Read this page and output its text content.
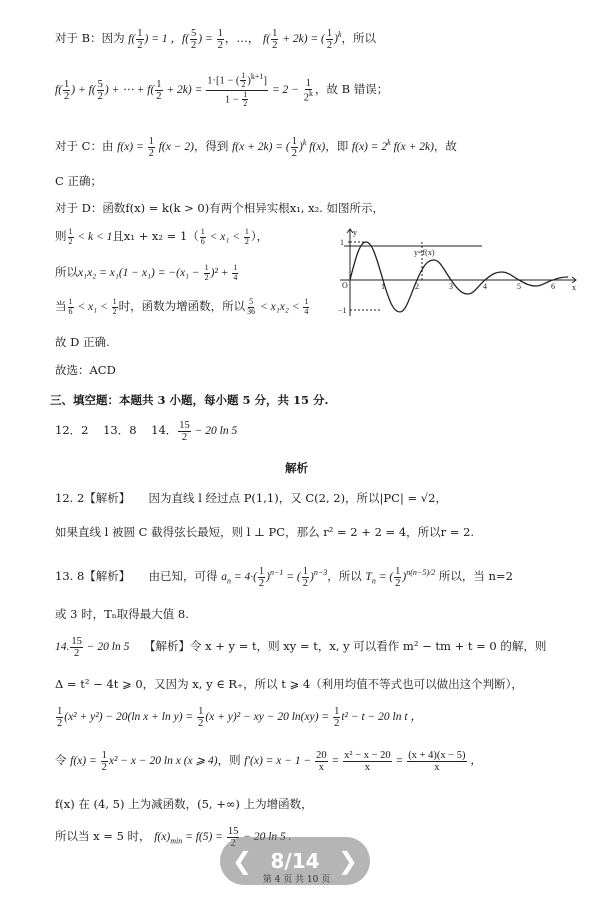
对于 B：因为 $f( \frac{1}{2}$ ) = 1 ，$f( \frac{5}{2}$ ) = $\frac{1}{2}$ ，…， $f( \frac{1}{2} + 2k)$ = ( $\frac{1}{2} )^k$，所以
$f( \frac{1}{2}$ ) + $f( \frac{5}{2}$ ) + ⋯ + $f( \frac{1}{2} + 2k) = \frac{1\cdot[1 - ( \frac{1}{2} )^{k+1}]}{1 - \frac{1}{2}} = 2 - \frac{1}{2^k}$ ，故 B 错误；
对于 C：由 $f(x) = \frac{1}{2} f(x - 2)$，得到 f(x + 2k) = ( $\frac{1}{2} )^k$ f(x)，即 $f(x) = 2^k$ f(x + 2k)，故
C 正确；
对于 D：函数f(x) = k(k > 0)有两个相异实根x₁, x₂. 如图所示，
则 $\frac{1}{2} < k < 1$且$x_1 + x_2 = 1( \frac{1}{6} < x_1 < \frac{1}{2}$ ），
所以$x_1x_2 = x_1(1 - x_1) = -(x_1 - \frac{1}{2} )^2 + \frac{1}{4}$
当 $\frac{1}{6} < x_1 < \frac{1}{2}$ 时，函数为增函数，所以 $\frac{5}{36} < x_1x_2 < \frac{1}{4}$
故 D 正确.
y
x
y=f(x)
1
−1
O	1	2	3	4	5	6
故选：ACD
三、填空题：本题共 3 小题，每小题 5 分，共 15 分.
12．2 13．8 14． $\frac{15}{2} - 20$ ln 5
解析
12. 2【解析】 因为直线 l 经过点 P(1,1)，又 C(2, 2)，所以|PC| = √2，
如果直线 l 被圆 C 截得弦长最短，则 l ⊥ PC，那么 r² = 2 + 2 = 4，所以r = 2.
13. 8【解析】 由已知，可得 $a_n = 4\cdot( \frac{1}{2} )^{n-1}$ = ( $\frac{1}{2} )^{n-3}$，所以 $T_n$ = ( $\frac{1}{2} )^{n(n-5)/2}$ 所以，当 n=2
或 3 时，Tₙ取得最大值 8.
14. $\frac{15}{2} - 20$ ln 5 【解析】令 x + y = t，则 xy = t，x, y 可以看作 m² − tm + t = 0 的解，则
Δ = t² − 4t ⩾ 0，又因为 x, y ∈ R₊，所以 t ⩾ 4（利用均值不等式也可以做出这个判断），
$\frac{1}{2} (x^2 + y^2) - 20(\ln$ $x + \ln y) = \frac{1}{2} (x + y)^2$ − xy − 20 $\ln(xy) = \frac{1}{2} t^2 - t - 20$ ln t ，
令 $f(x) = \frac{1}{2} x^2 - x - 20$ ln x (x ⩾ 4)，则 $f'(x) = x - 1 - \frac{20}{x} = \frac{\text{x² − x − 20}}{x} = \frac{(x + 4)(x - 5)}{x}$ ，
f(x) 在 (4, 5) 上为减函数，(5, +∞) 上为增函数，
所以当 x = 5 时， $f(x)_{min} = f(5) = 15$
❮ 8/14 ❯
第 4 页 共 10 页
